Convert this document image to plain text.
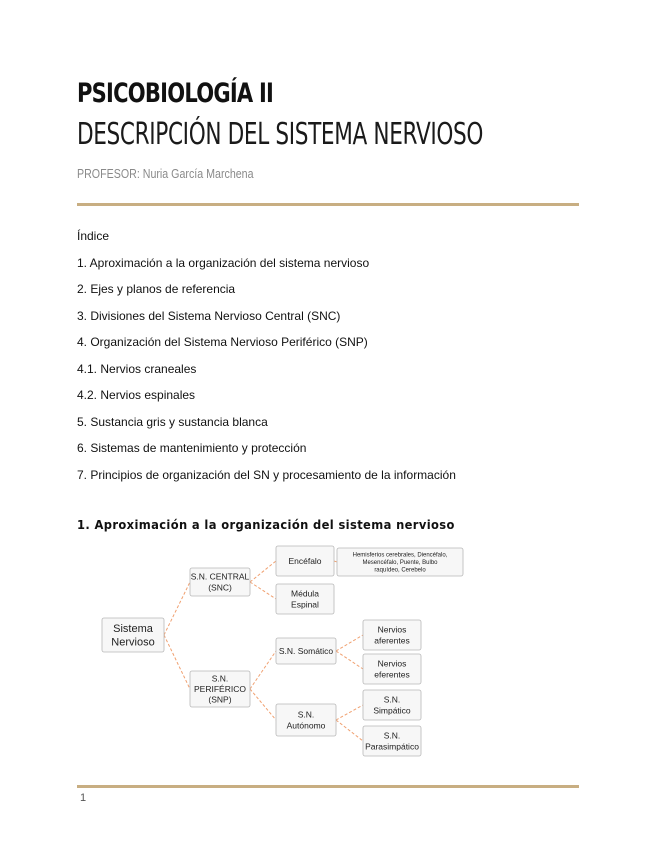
PSICOBIOLOGÍA II
DESCRIPCIÓN DEL SISTEMA NERVIOSO
PROFESOR: Nuria García Marchena
Índice
1. Aproximación a la organización del sistema nervioso
2. Ejes y planos de referencia
3. Divisiones del Sistema Nervioso Central (SNC)
4. Organización del Sistema Nervioso Periférico (SNP)
4.1. Nervios craneales
4.2. Nervios espinales
5. Sustancia gris y sustancia blanca
6. Sistemas de mantenimiento y protección
7. Principios de organización del SN y procesamiento de la información
1. Aproximación a la organización del sistema nervioso
Sistema
Nervioso
S.N. CENTRAL
(SNC)
S.N.
PERIFÉRICO
(SNP)
Encéfalo
Hemisferios cerebrales, Diencéfalo,
Mesencéfalo, Puente, Bulbo
raquídeo, Cerebelo
Médula
Espinal
S.N. Somático
S.N.
Autónomo
Nervios
aferentes
Nervios
eferentes
S.N.
Simpático
S.N.
Parasimpático
1
